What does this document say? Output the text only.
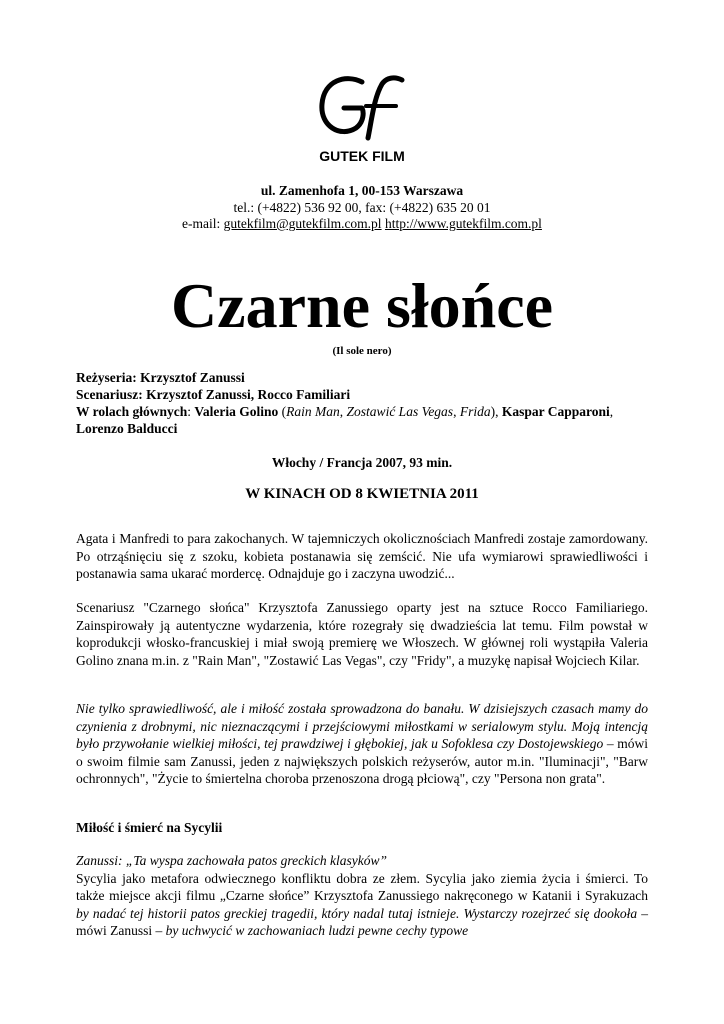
GUTEK FILM
ul. Zamenhofa 1, 00-153 Warszawa
tel.: (+4822) 536 92 00, fax: (+4822) 635 20 01
e-mail: gutekfilm@gutekfilm.com.pl http://www.gutekfilm.com.pl
Czarne słońce
(Il sole nero)
Reżyseria: Krzysztof Zanussi
Scenariusz: Krzysztof Zanussi, Rocco Familiari
W rolach głównych: Valeria Golino (Rain Man, Zostawić Las Vegas, Frida), Kaspar Capparoni, Lorenzo Balducci
Włochy / Francja 2007, 93 min.
W KINACH OD 8 KWIETNIA 2011
Agata i Manfredi to para zakochanych. W tajemniczych okolicznościach Manfredi zostaje zamordowany. Po otrząśnięciu się z szoku, kobieta postanawia się zemścić. Nie ufa wymiarowi sprawiedliwości i postanawia sama ukarać mordercę. Odnajduje go i zaczyna uwodzić...
Scenariusz "Czarnego słońca" Krzysztofa Zanussiego oparty jest na sztuce Rocco Familiariego. Zainspirowały ją autentyczne wydarzenia, które rozegrały się dwadzieścia lat temu. Film powstał w koprodukcji włosko-francuskiej i miał swoją premierę we Włoszech. W głównej roli wystąpiła Valeria Golino znana m.in. z "Rain Man", "Zostawić Las Vegas", czy "Fridy", a muzykę napisał Wojciech Kilar.
Nie tylko sprawiedliwość, ale i miłość została sprowadzona do banału. W dzisiejszych czasach mamy do czynienia z drobnymi, nic nieznaczącymi i przejściowymi miłostkami w serialowym stylu. Moją intencją było przywołanie wielkiej miłości, tej prawdziwej i głębokiej, jak u Sofoklesa czy Dostojewskiego – mówi o swoim filmie sam Zanussi, jeden z największych polskich reżyserów, autor m.in. "Iluminacji", "Barw ochronnych", "Życie to śmiertelna choroba przenoszona drogą płciową", czy "Persona non grata".
Miłość i śmierć na Sycylii
Zanussi: „Ta wyspa zachowała patos greckich klasyków”
Sycylia jako metafora odwiecznego konfliktu dobra ze złem. Sycylia jako ziemia życia i śmierci. To także miejsce akcji filmu „Czarne słońce” Krzysztofa Zanussiego nakręconego w Katanii i Syrakuzach by nadać tej historii patos greckiej tragedii, który nadal tutaj istnieje. Wystarczy rozejrzeć się dookoła – mówi Zanussi – by uchwycić w zachowaniach ludzi pewne cechy typowe
